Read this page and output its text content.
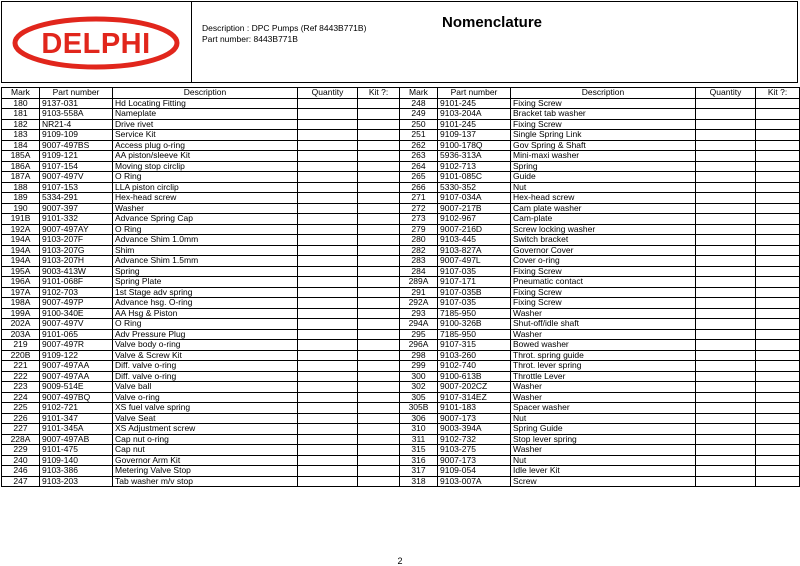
DELPHI	Description : DPC Pumps (Ref 8443B771B)
Part number: 8443B771B
Nomenclature
Mark	Part number	Description	Quantity	Kit ?:	Mark	Part number	Description	Quantity	Kit ?:
180	9137-031	Hd Locating Fitting			248	9101-245	Fixing Screw		
181	9103-558A	Nameplate			249	9103-204A	Bracket tab washer		
182	NR21-4	Drive rivet			250	9101-245	Fixing Screw		
183	9109-109	Service Kit			251	9109-137	Single Spring Link		
184	9007-497BS	Access plug o-ring			262	9100-178Q	Gov Spring & Shaft		
185A	9109-121	AA piston/sleeve Kit			263	5936-313A	Mini-maxi washer		
186A	9107-154	Moving stop circlip			264	9102-713	Spring		
187A	9007-497V	O Ring			265	9101-085C	Guide		
188	9107-153	LLA piston circlip			266	5330-352	Nut		
189	5334-291	Hex-head screw			271	9107-034A	Hex-head screw		
190	9007-397	Washer			272	9007-217B	Cam plate washer		
191B	9101-332	Advance Spring Cap			273	9102-967	Cam-plate		
192A	9007-497AY	O Ring			279	9007-216D	Screw locking washer		
194A	9103-207F	Advance Shim 1.0mm			280	9103-445	Switch bracket		
194A	9103-207G	Shim			282	9103-827A	Governor Cover		
194A	9103-207H	Advance Shim 1.5mm			283	9007-497L	Cover o-ring		
195A	9003-413W	Spring			284	9107-035	Fixing Screw		
196A	9101-068F	Spring Plate			289A	9107-171	Pneumatic contact		
197A	9102-703	1st Stage adv spring			291	9107-035B	Fixing Screw		
198A	9007-497P	Advance hsg. O-ring			292A	9107-035	Fixing Screw		
199A	9100-340E	AA Hsg & Piston			293	7185-950	Washer		
202A	9007-497V	O Ring			294A	9100-326B	Shut-off/idle shaft		
203A	9101-065	Adv Pressure Plug			295	7185-950	Washer		
219	9007-497R	Valve body o-ring			296A	9107-315	Bowed washer		
220B	9109-122	Valve & Screw Kit			298	9103-260	Throt. spring guide		
221	9007-497AA	Diff. valve o-ring			299	9102-740	Throt. lever spring		
222	9007-497AA	Diff. valve o-ring			300	9100-613B	Throttle Lever		
223	9009-514E	Valve ball			302	9007-202CZ	Washer		
224	9007-497BQ	Valve o-ring			305	9107-314EZ	Washer		
225	9102-721	XS fuel valve spring			305B	9101-183	Spacer washer		
226	9101-347	Valve Seat			306	9007-173	Nut		
227	9101-345A	XS Adjustment screw			310	9003-394A	Spring Guide		
228A	9007-497AB	Cap nut o-ring			311	9102-732	Stop lever spring		
229	9101-475	Cap nut			315	9103-275	Washer		
240	9109-140	Governor Arm Kit			316	9007-173	Nut		
246	9103-386	Metering Valve Stop			317	9109-054	Idle lever Kit		
247	9103-203	Tab washer m/v stop			318	9103-007A	Screw		
2
